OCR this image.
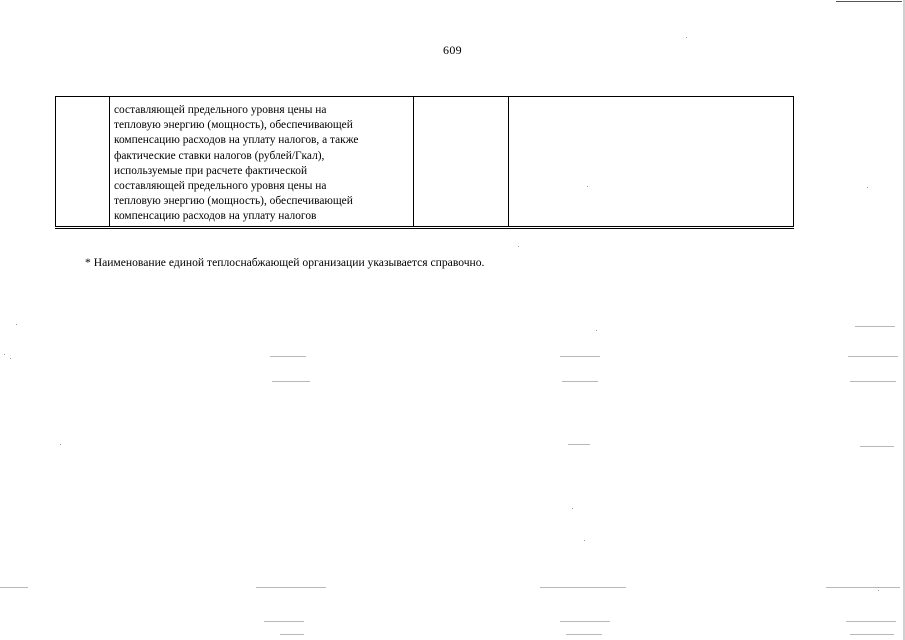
609
составляющей предельного уровня цены на
тепловую энергию (мощность), обеспечивающей
компенсацию расходов на уплату налогов, а также
фактические ставки налогов (рублей/Гкал),
используемые при расчете фактической
составляющей предельного уровня цены на
тепловую энергию (мощность), обеспечивающей
компенсацию расходов на уплату налогов
* Наименование единой теплоснабжающей организации указывается справочно.
